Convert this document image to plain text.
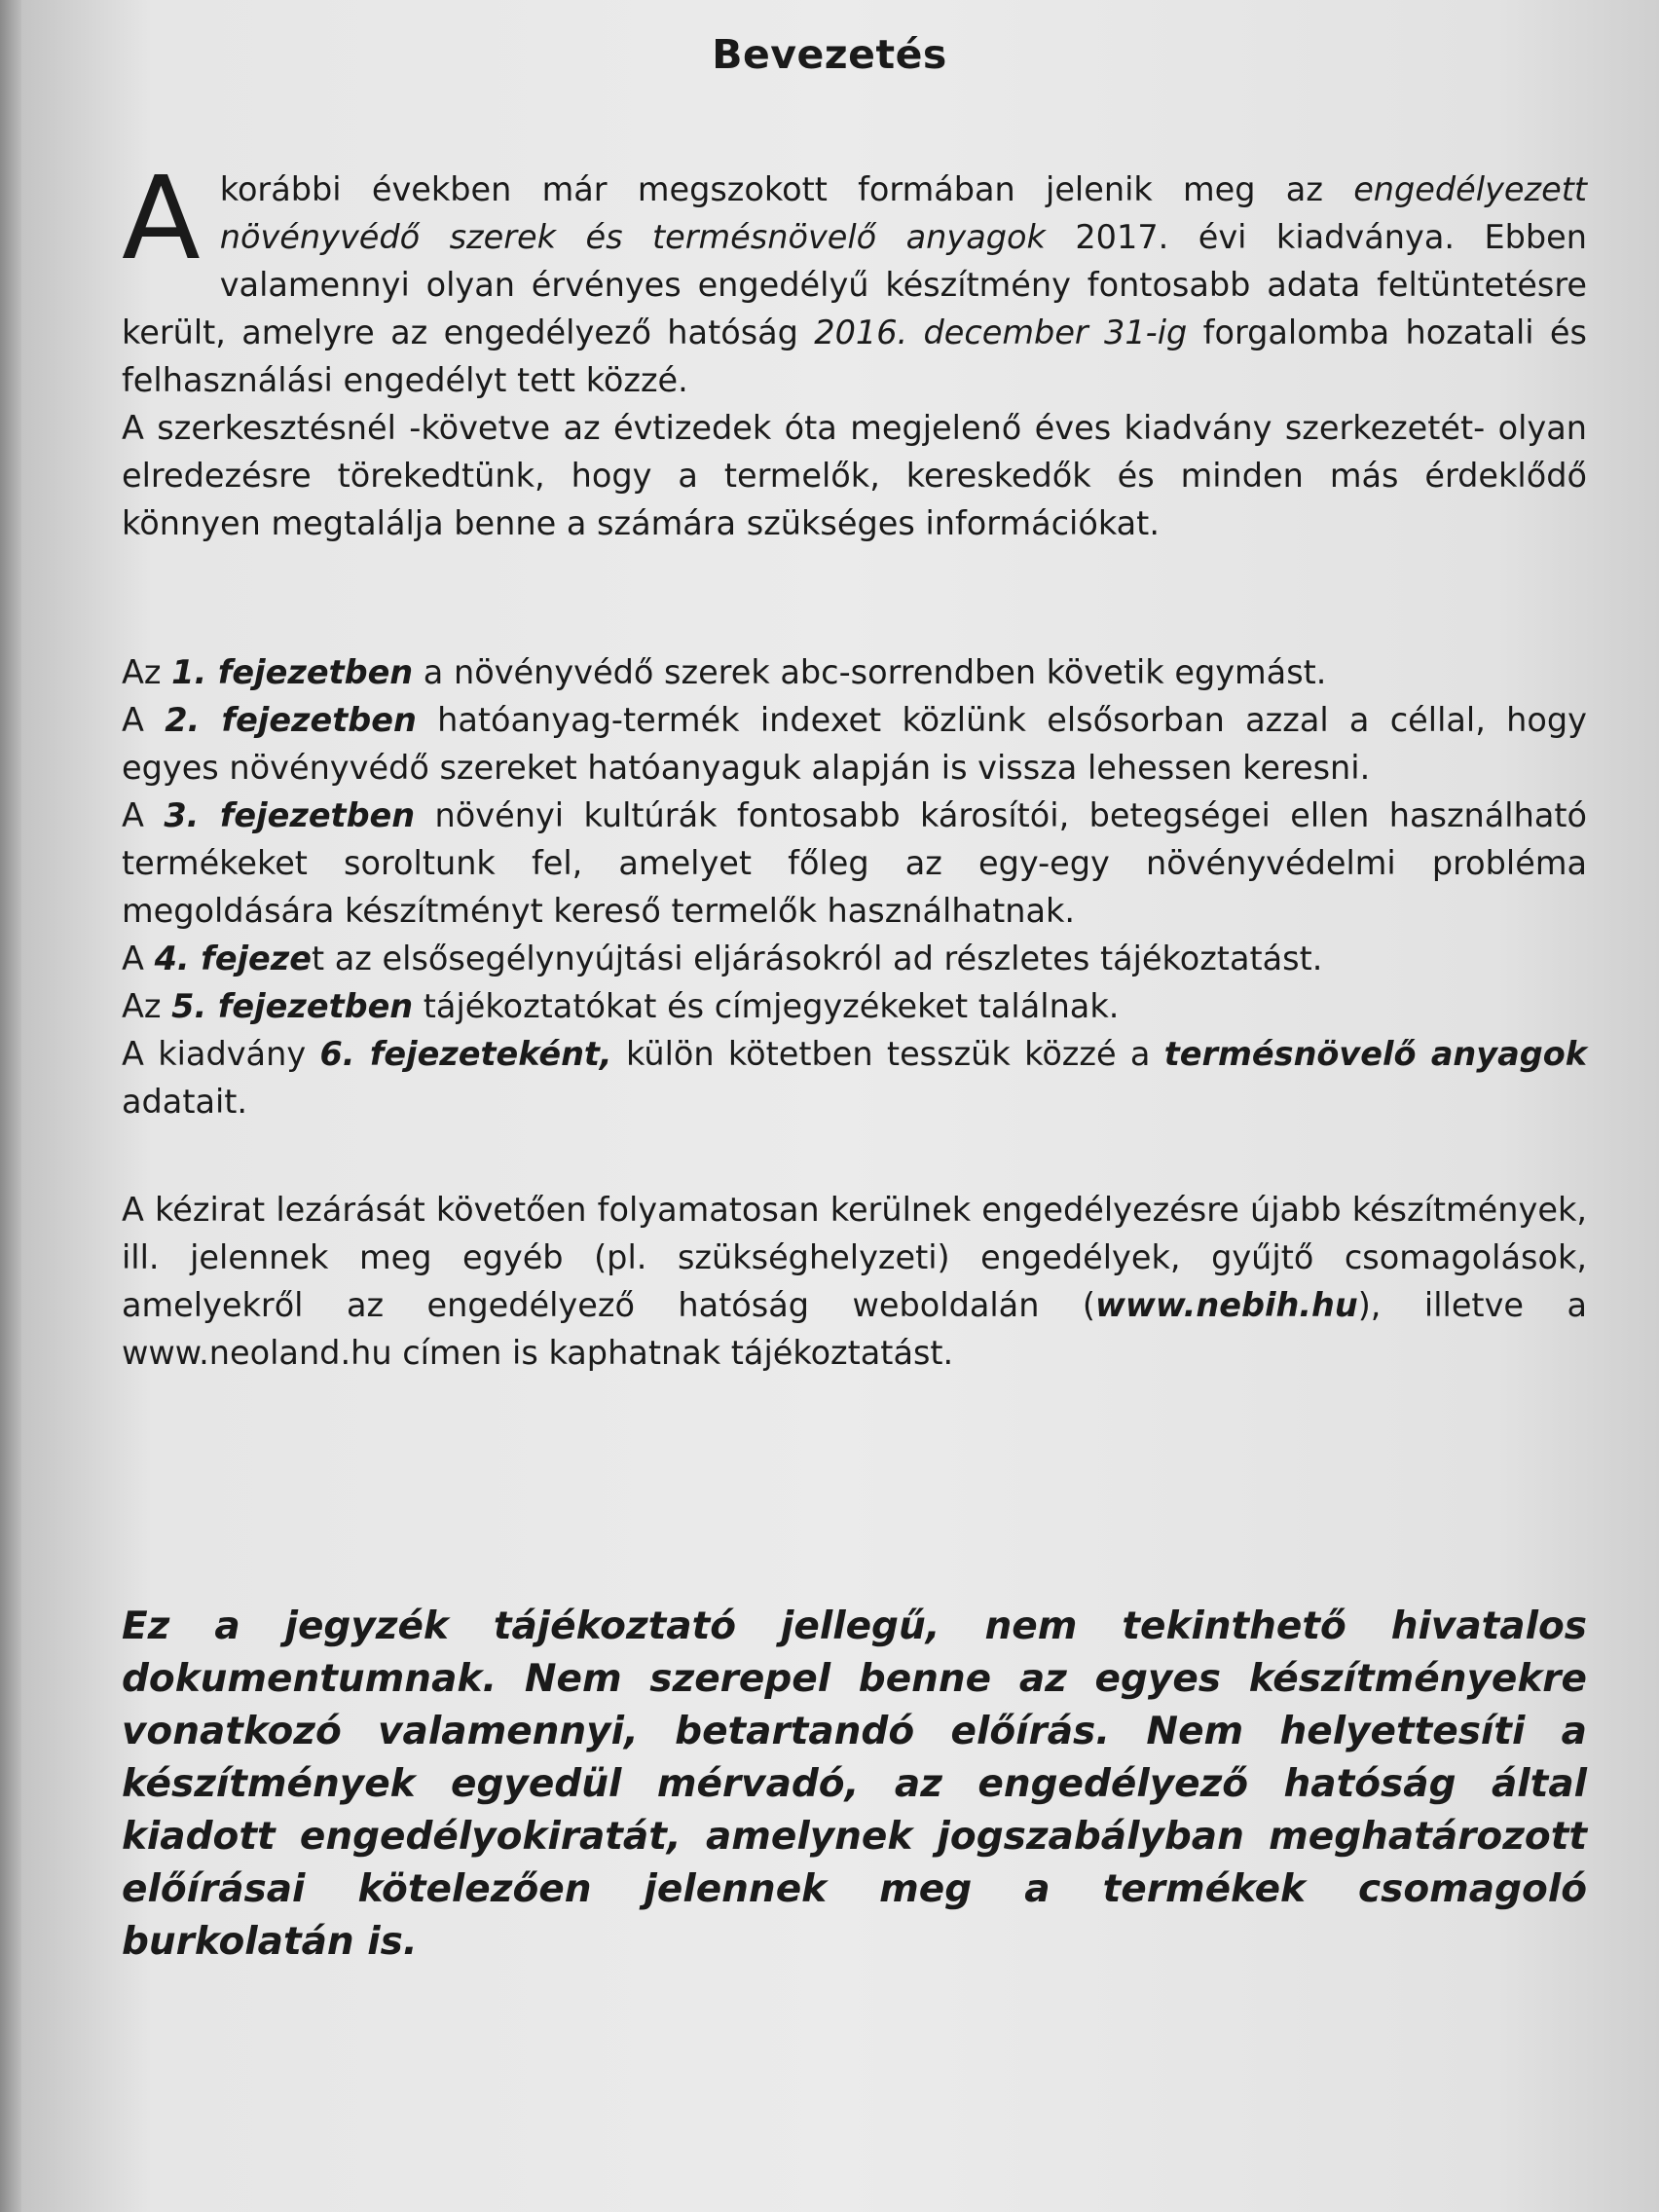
Bevezetés

A korábbi években már megszokott formában jelenik meg az engedélyezett növényvédő szerek és termésnövelő anyagok 2017. évi kiadványa. Ebben valamennyi olyan érvényes engedélyű készítmény fontosabb adata feltüntetésre került, amelyre az engedélyező hatóság 2016. december 31-ig forgalomba hozatali és felhasználási engedélyt tett közzé.

A szerkesztésnél -követve az évtizedek óta megjelenő éves kiadvány szerkezetét- olyan elredezésre törekedtünk, hogy a termelők, kereskedők és minden más érdeklődő könnyen megtalálja benne a számára szükséges információkat.

Az 1. fejezetben a növényvédő szerek abc-sorrendben követik egymást.

A 2. fejezetben hatóanyag-termék indexet közlünk elsősorban azzal a céllal, hogy egyes növényvédő szereket hatóanyaguk alapján is vissza lehessen keresni.

A 3. fejezetben növényi kultúrák fontosabb károsítói, betegségei ellen használható termékeket soroltunk fel, amelyet főleg az egy-egy növényvédelmi probléma megoldására készítményt kereső termelők használhatnak.

A 4. fejezet az elsősegélynyújtási eljárásokról ad részletes tájékoztatást.

Az 5. fejezetben tájékoztatókat és címjegyzékeket találnak.

A kiadvány 6. fejezeteként, külön kötetben tesszük közzé a termésnövelő anyagok adatait.

A kézirat lezárását követően folyamatosan kerülnek engedélyezésre újabb készítmények, ill. jelennek meg egyéb (pl. szükséghelyzeti) engedélyek, gyűjtő csomagolások, amelyekről az engedélyező hatóság weboldalán (www.nebih.hu), illetve a www.neoland.hu címen is kaphatnak tájékoztatást.

Ez a jegyzék tájékoztató jellegű, nem tekinthető hivatalos dokumentumnak. Nem szerepel benne az egyes készítményekre vonatkozó valamennyi, betartandó előírás. Nem helyettesíti a készítmények egyedül mérvadó, az engedélyező hatóság által kiadott engedélyokiratát, amelynek jogszabályban meghatározott előírásai kötelezően jelennek meg a termékek csomagoló burkolatán is.
